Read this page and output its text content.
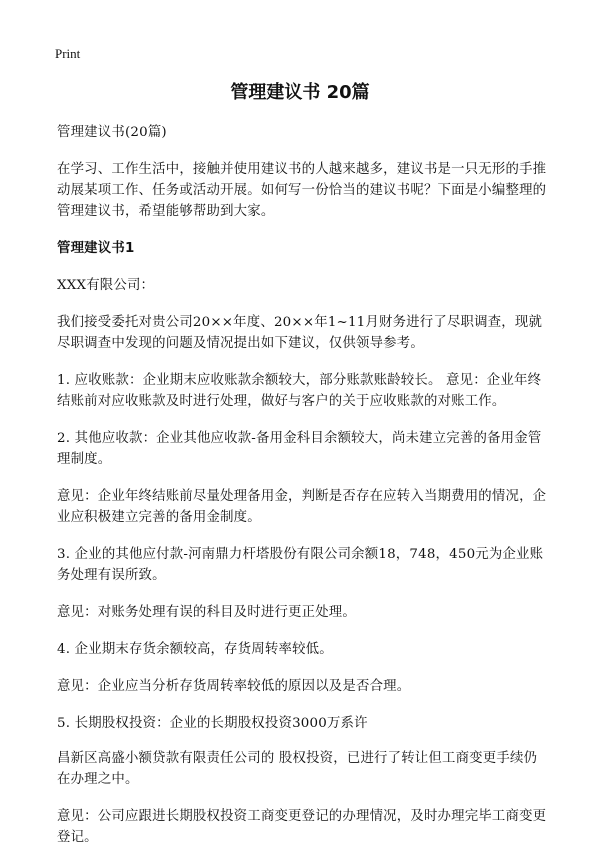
Print
管理建议书 20篇

管理建议书(20篇)

在学习、工作生活中，接触并使用建议书的人越来越多，建议书是一只无形的手推动展某项工作、任务或活动开展。如何写一份恰当的建议书呢？下面是小编整理的管理建议书，希望能够帮助到大家。

管理建议书1

XXX有限公司：

我们接受委托对贵公司20××年度、20××年1~11月财务进行了尽职调查，现就尽职调查中发现的问题及情况提出如下建议，仅供领导参考。

1. 应收账款：企业期末应收账款余额较大，部分账款账龄较长。 意见：企业年终结账前对应收账款及时进行处理，做好与客户的关于应收账款的对账工作。

2. 其他应收款：企业其他应收款-备用金科目余额较大，尚未建立完善的备用金管理制度。

意见：企业年终结账前尽量处理备用金，判断是否存在应转入当期费用的情况，企业应积极建立完善的备用金制度。

3. 企业的其他应付款-河南鼎力杆塔股份有限公司余额18，748，450元为企业账务处理有误所致。

意见：对账务处理有误的科目及时进行更正处理。

4. 企业期末存货余额较高，存货周转率较低。

意见：企业应当分析存货周转率较低的原因以及是否合理。

5. 长期股权投资：企业的长期股权投资3000万系许

昌新区高盛小额贷款有限责任公司的 股权投资，已进行了转让但工商变更手续仍在办理之中。

意见：公司应跟进长期股权投资工商变更登记的办理情况，及时办理完毕工商变更登记。
